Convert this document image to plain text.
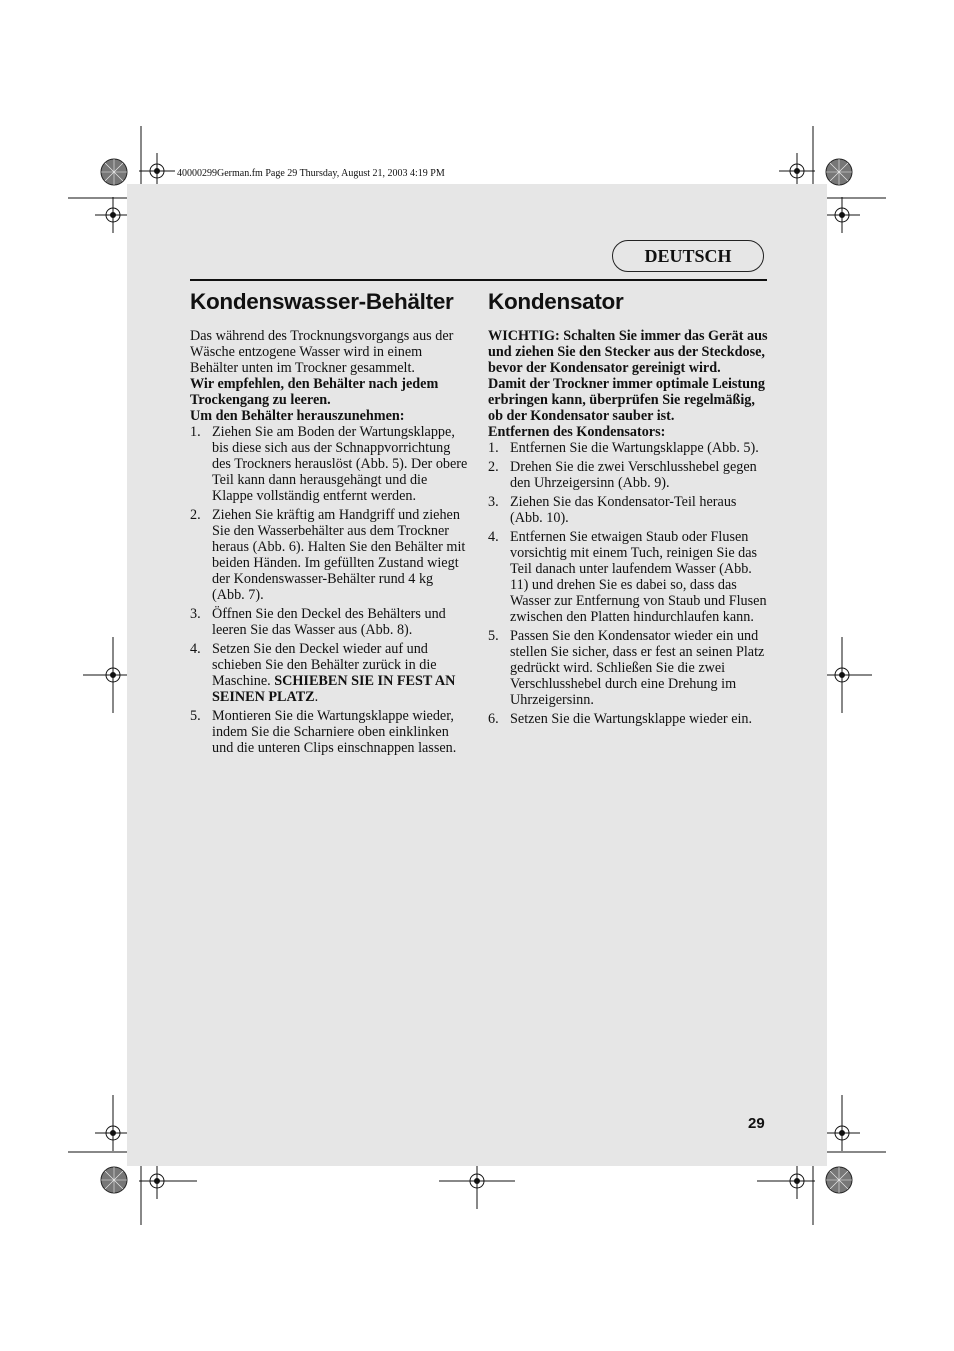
40000299German.fm Page 29 Thursday, August 21, 2003 4:19 PM
DEUTSCH
Kondenswasser-Behälter

Das während des Trocknungsvorgangs aus der Wäsche entzogene Wasser wird in einem Behälter unten im Trockner gesammelt.

Wir empfehlen, den Behälter nach jedem Trockengang zu leeren.

Um den Behälter herauszunehmen:

1. Ziehen Sie am Boden der Wartungsklappe, bis diese sich aus der Schnappvorrichtung des Trockners herauslöst (Abb. 5). Der obere Teil kann dann herausgehängt und die Klappe vollständig entfernt werden.
2. Ziehen Sie kräftig am Handgriff und ziehen Sie den Wasserbehälter aus dem Trockner heraus (Abb. 6). Halten Sie den Behälter mit beiden Händen. Im gefüllten Zustand wiegt der Kondenswasser-Behälter rund 4 kg (Abb. 7).
3. Öffnen Sie den Deckel des Behälters und leeren Sie das Wasser aus (Abb. 8).
4. Setzen Sie den Deckel wieder auf und schieben Sie den Behälter zurück in die Maschine. SCHIEBEN SIE IN FEST AN SEINEN PLATZ.
5. Montieren Sie die Wartungsklappe wieder, indem Sie die Scharniere oben einklinken und die unteren Clips einschnappen lassen.
Kondensator

WICHTIG: Schalten Sie immer das Gerät aus und ziehen Sie den Stecker aus der Steckdose, bevor der Kondensator gereinigt wird.

Damit der Trockner immer optimale Leistung erbringen kann, überprüfen Sie regelmäßig, ob der Kondensator sauber ist.

Entfernen des Kondensators:

1. Entfernen Sie die Wartungsklappe (Abb. 5).
2. Drehen Sie die zwei Verschlusshebel gegen den Uhrzeigersinn (Abb. 9).
3. Ziehen Sie das Kondensator-Teil heraus (Abb. 10).
4. Entfernen Sie etwaigen Staub oder Flusen vorsichtig mit einem Tuch, reinigen Sie das Teil danach unter laufendem Wasser (Abb. 11) und drehen Sie es dabei so, dass das Wasser zur Entfernung von Staub und Flusen zwischen den Platten hindurchlaufen kann.
5. Passen Sie den Kondensator wieder ein und stellen Sie sicher, dass er fest an seinen Platz gedrückt wird. Schließen Sie die zwei Verschlusshebel durch eine Drehung im Uhrzeigersinn.
6. Setzen Sie die Wartungsklappe wieder ein.
29
